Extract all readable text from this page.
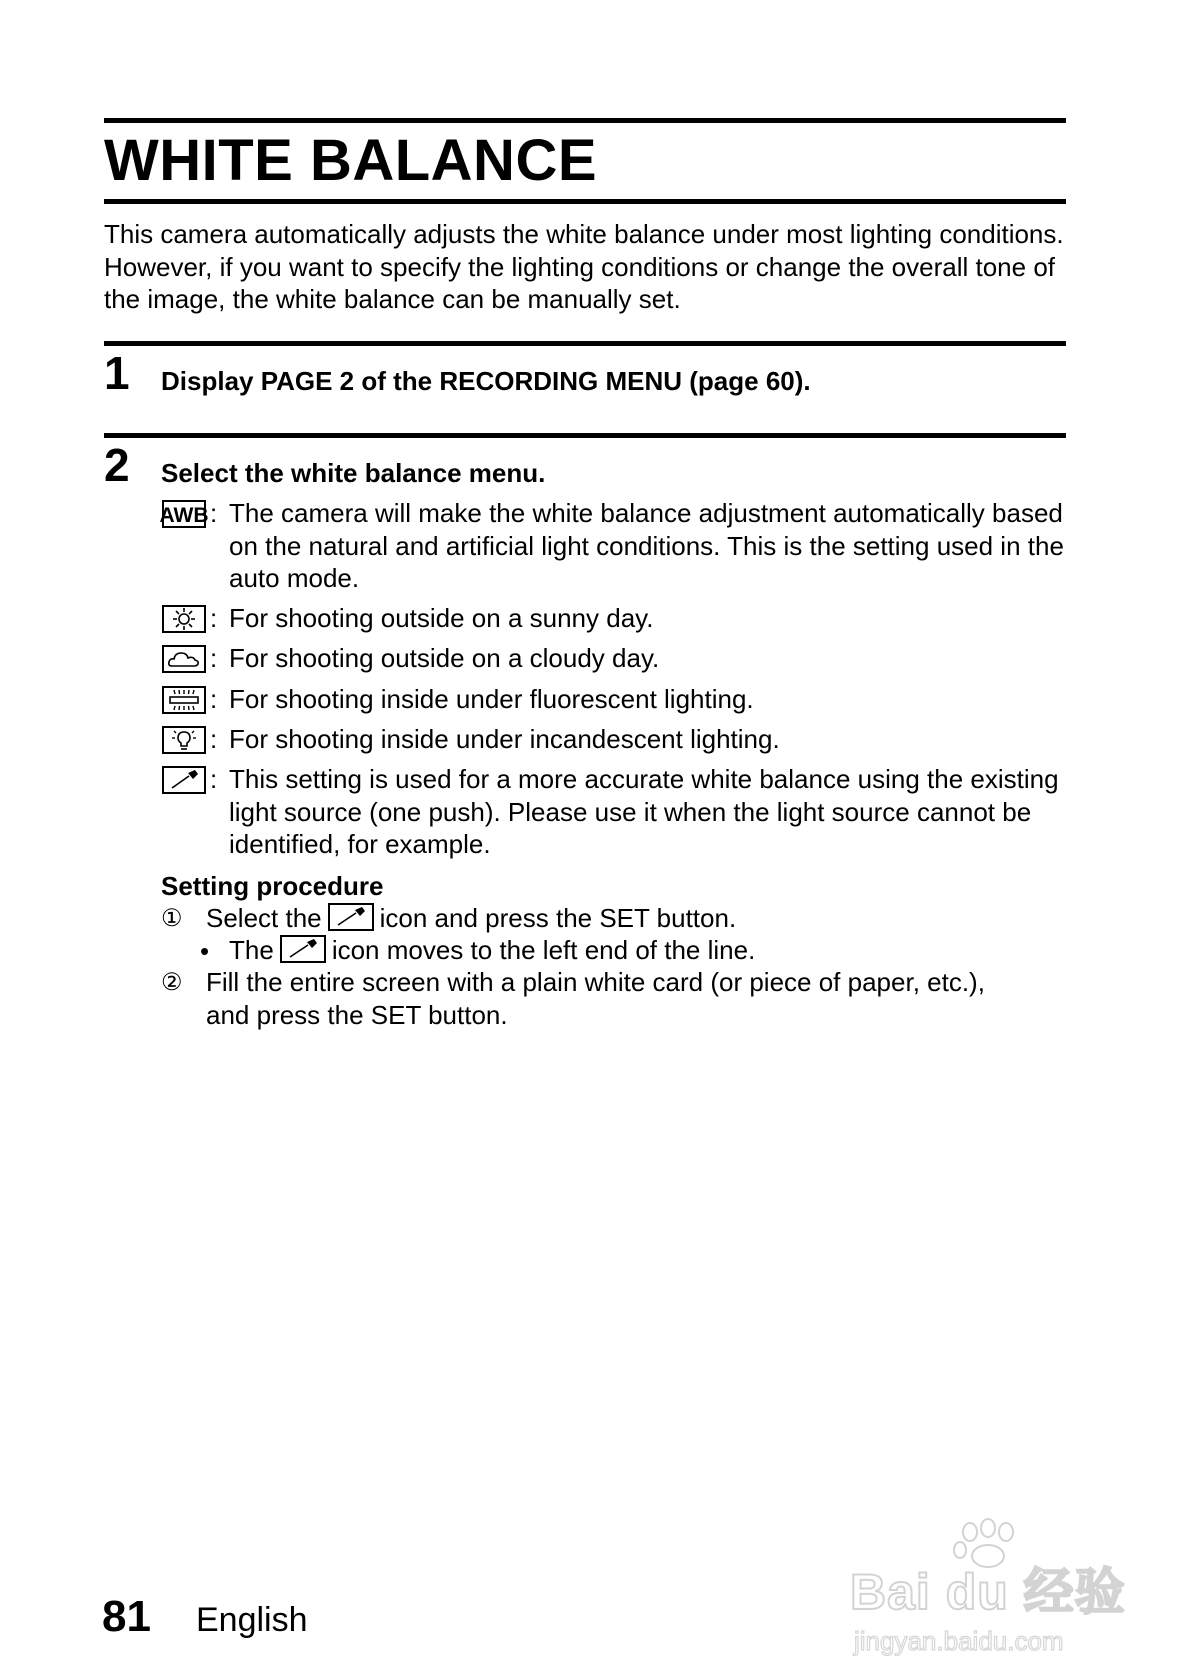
WHITE BALANCE

This camera automatically adjusts the white balance under most lighting conditions. However, if you want to specify the lighting conditions or change the overall tone of the image, the white balance can be manually set.

1 Display PAGE 2 of the RECORDING MENU (page 60).
2 Select the white balance menu.
AWB : The camera will make the white balance adjustment automatically based on the natural and artificial light conditions. This is the setting used in the auto mode.

: For shooting outside on a sunny day.

: For shooting outside on a cloudy day.

: For shooting inside under fluorescent lighting.

: For shooting inside under incandescent lighting.

: This setting is used for a more accurate white balance using the existing light source (one push). Please use it when the light source cannot be identified, for example.

Setting procedure
① Select the icon and press the SET button.
• The icon moves to the left end of the line.
② Fill the entire screen with a plain white card (or piece of paper, etc.),
and press the SET button.
81 English	Bai du 经验
jingyan.baidu.com
